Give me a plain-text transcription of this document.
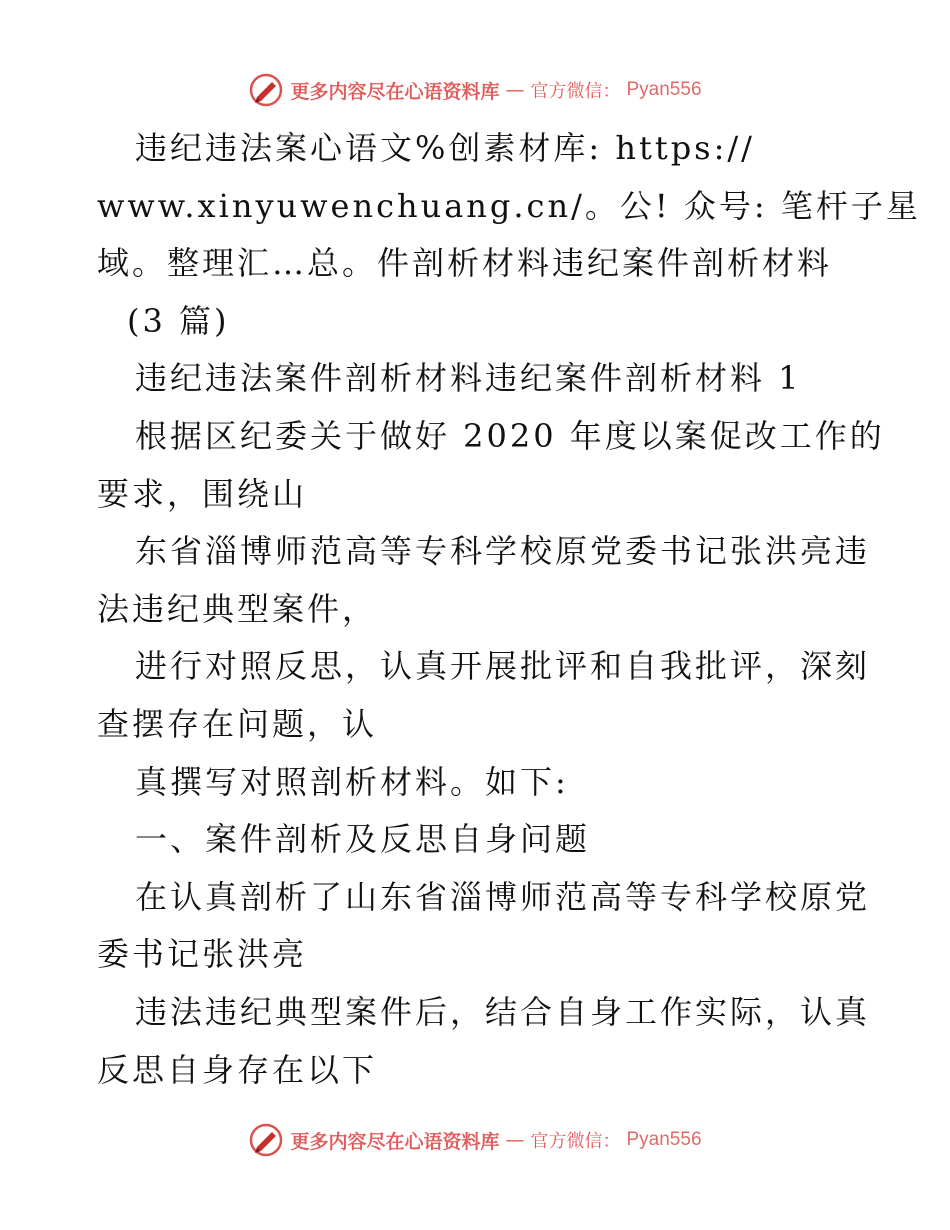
更多内容尽在心语资料库 — 官方微信： Pyan556
违纪违法案心语文%创素材库: https://
www.xinyuwenchuang.cn/。公! 众号: 笔杆子星
域。整理汇…总。件剖析材料违纪案件剖析材料
(3 篇)
违纪违法案件剖析材料违纪案件剖析材料 1
根据区纪委关于做好 2020 年度以案促改工作的
要求，围绕山
东省淄博师范高等专科学校原党委书记张洪亮违
法违纪典型案件，
进行对照反思，认真开展批评和自我批评，深刻
查摆存在问题，认
真撰写对照剖析材料。如下:
一、案件剖析及反思自身问题
在认真剖析了山东省淄博师范高等专科学校原党
委书记张洪亮
违法违纪典型案件后，结合自身工作实际，认真
反思自身存在以下
更多内容尽在心语资料库 — 官方微信： Pyan556
